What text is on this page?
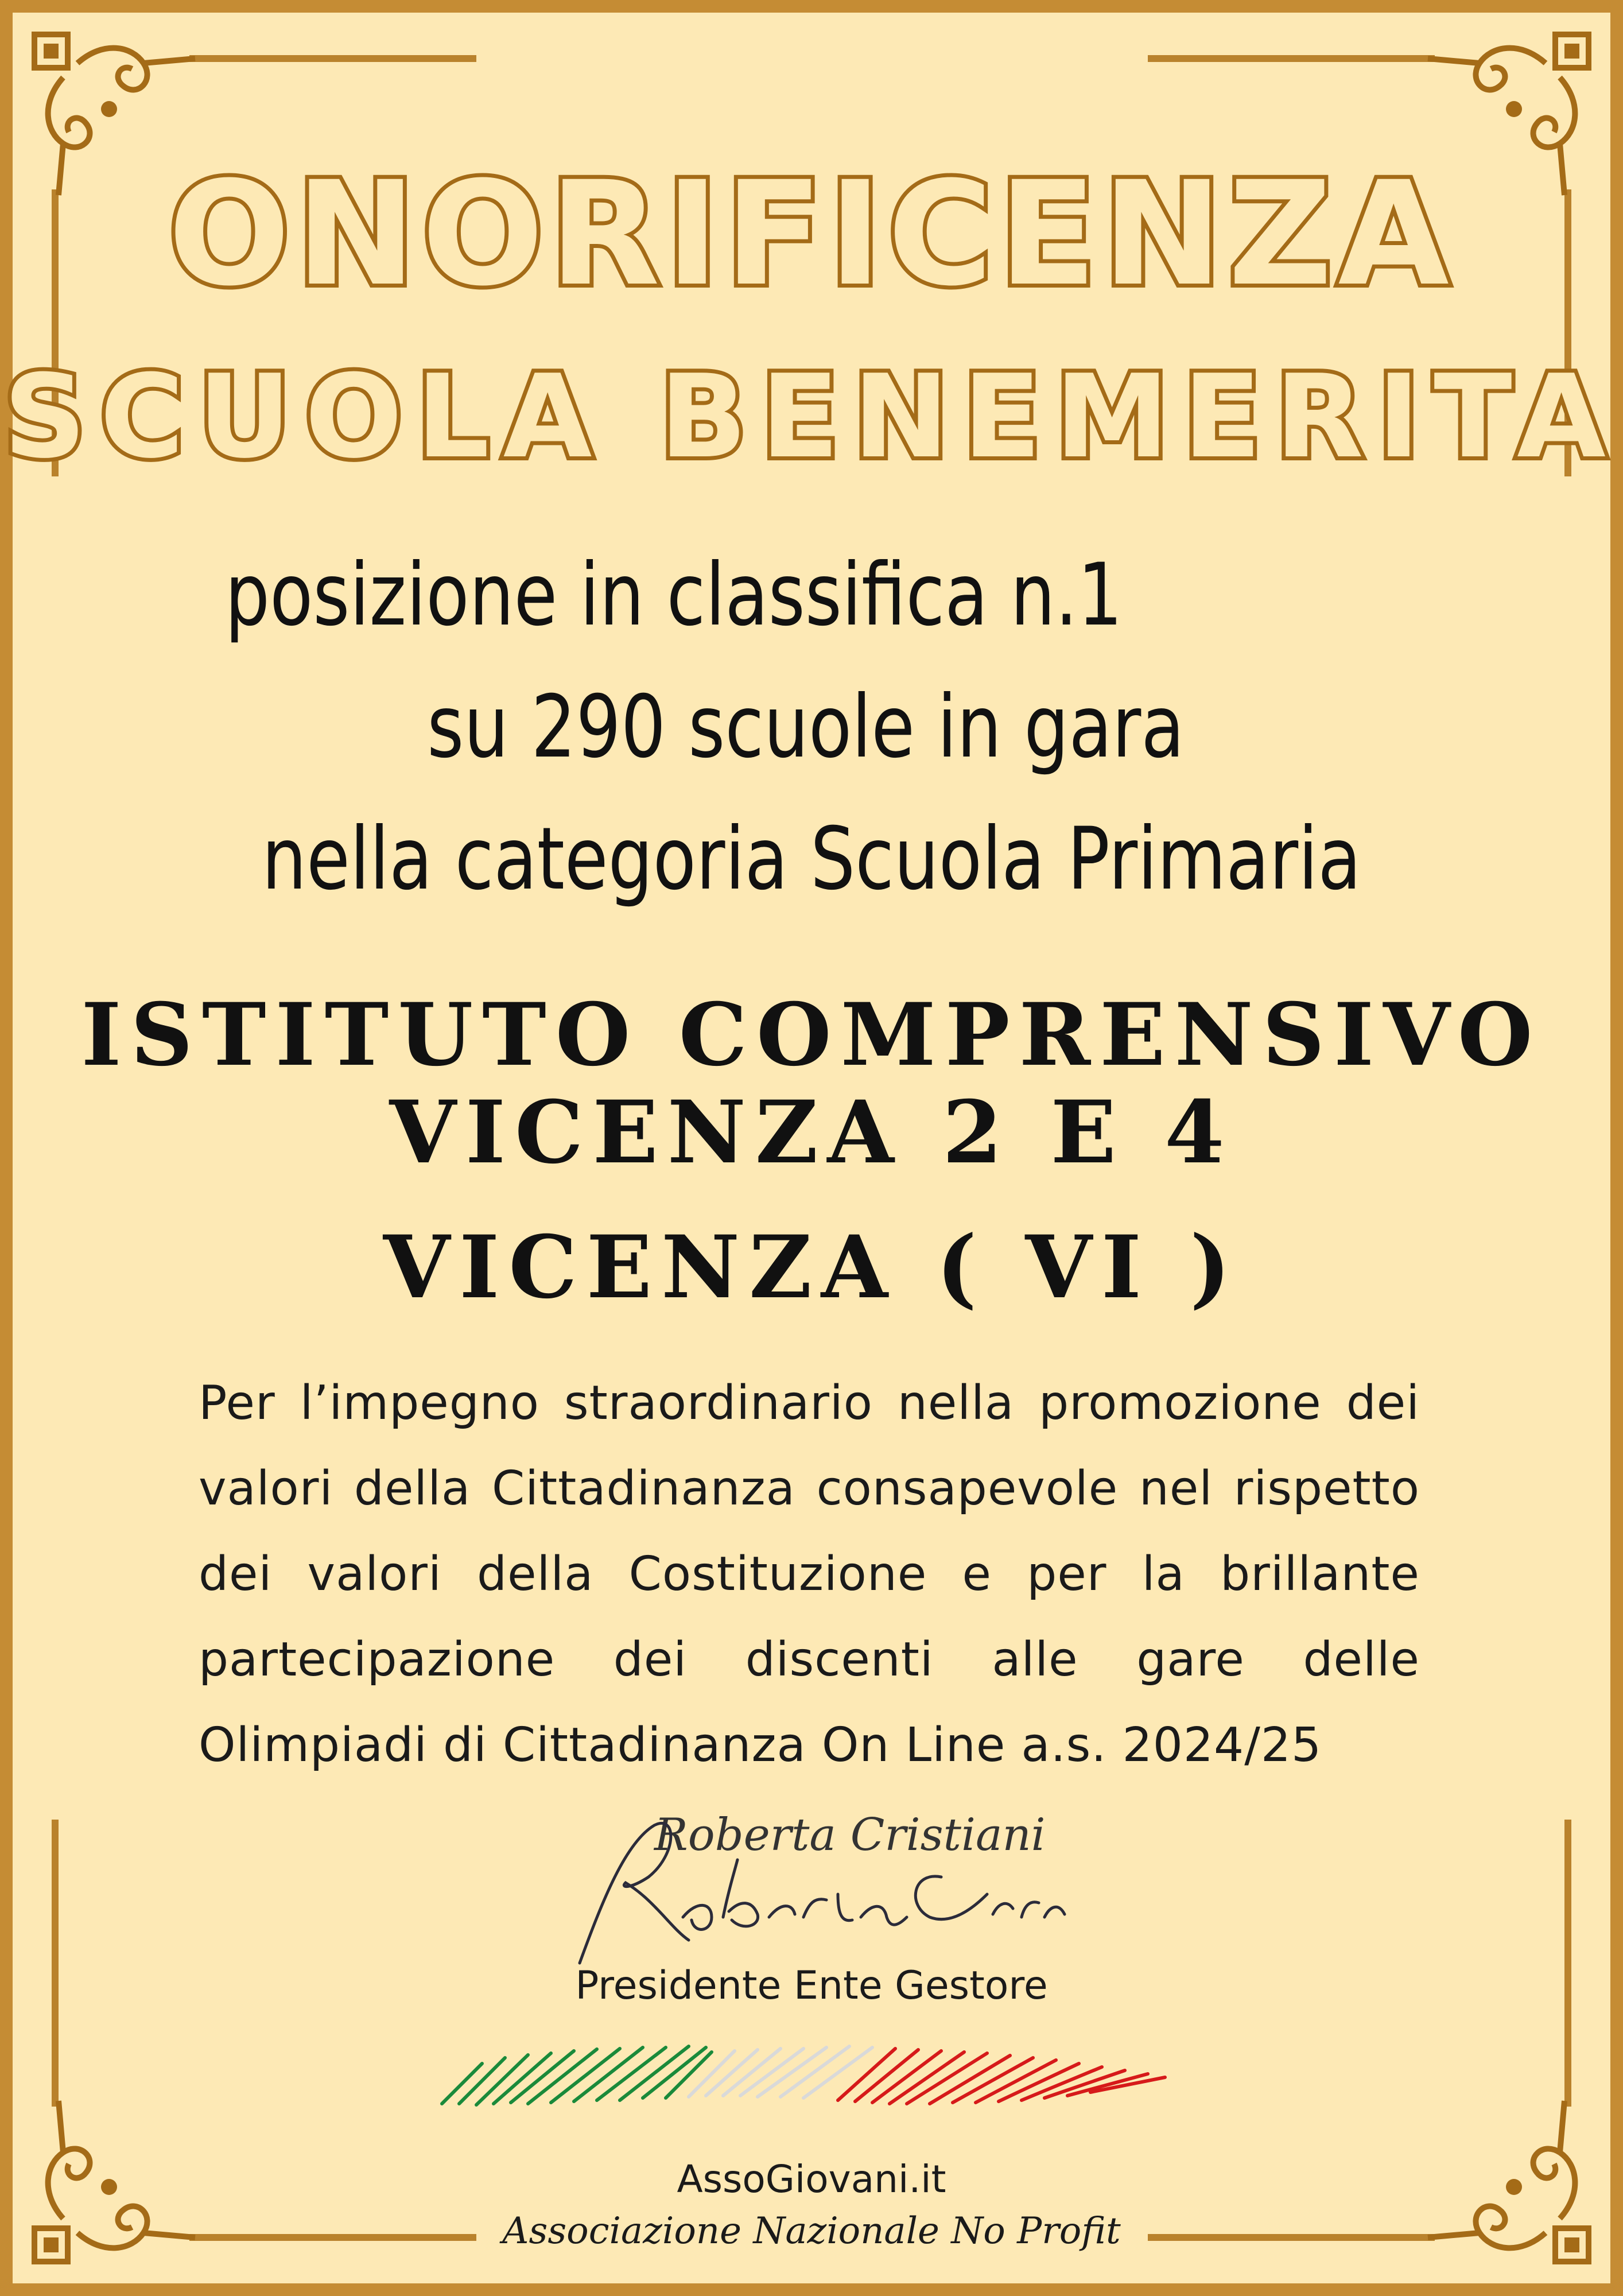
ONORIFICENZA
SCUOLA BENEMERITA
posizione in classifica n.1
su 290 scuole in gara
nella categoria Scuola Primaria
ISTITUTO COMPRENSIVO
VICENZA 2 E 4
VICENZA ( VI )
Per l’impegno straordinario nella promozione dei valori della Cittadinanza consapevole nel rispetto dei valori della Costituzione e per la brillante partecipazione dei discenti alle gare delle Olimpiadi di Cittadinanza On Line a.s. 2024/25
Roberta Cristiani
Presidente Ente Gestore
AssoGiovani.it
Associazione Nazionale No Profit
